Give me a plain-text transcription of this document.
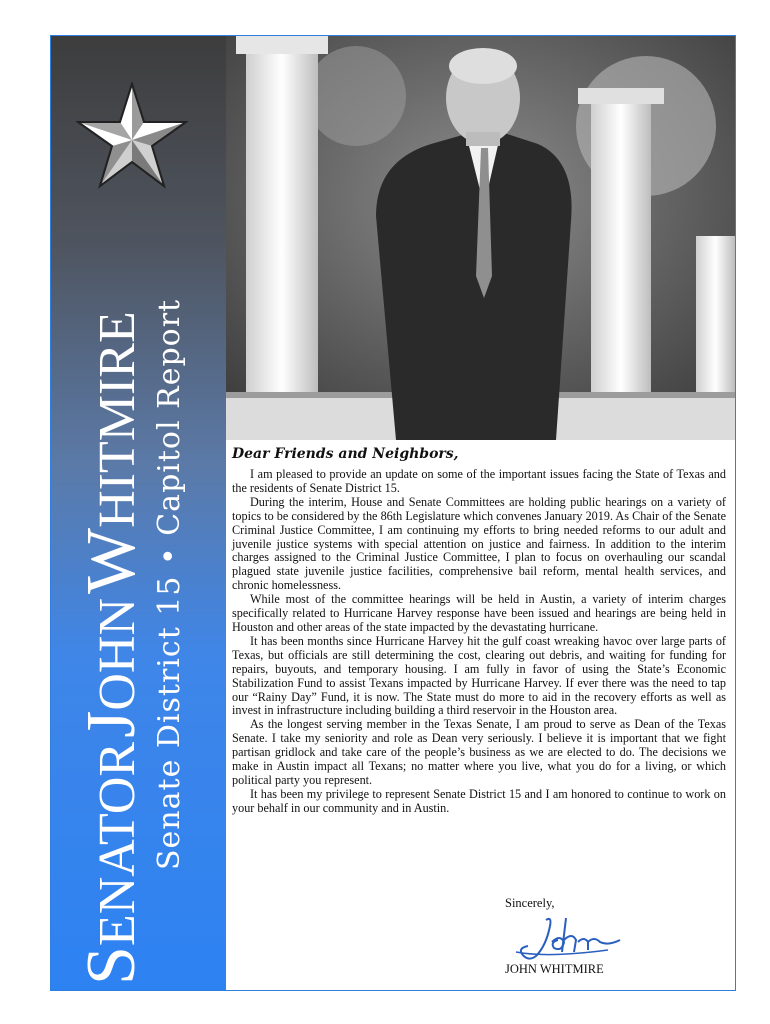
SENATOR JOHN WHITMIRE Senate District 15 • Capitol Report	Dear Friends and Neighbors,

I am pleased to provide an update on some of the important issues facing the State of Texas and the residents of Senate District 15.

During the interim, House and Senate Committees are holding public hearings on a variety of topics to be considered by the 86th Legislature which convenes January 2019. As Chair of the Senate Criminal Justice Committee, I am continuing my efforts to bring needed reforms to our adult and juvenile justice systems with special attention on justice and fairness. In addition to the interim charges assigned to the Criminal Justice Committee, I plan to focus on overhauling our scandal plagued state juvenile justice facilities, comprehensive bail reform, mental health services, and chronic homelessness.

While most of the committee hearings will be held in Austin, a variety of interim charges specifically related to Hurricane Harvey response have been issued and hearings are being held in Houston and other areas of the state impacted by the devastating hurricane.

It has been months since Hurricane Harvey hit the gulf coast wreaking havoc over large parts of Texas, but officials are still determining the cost, clearing out debris, and waiting for funding for repairs, buyouts, and temporary housing. I am fully in favor of using the State’s Economic Stabilization Fund to assist Texans impacted by Hurricane Harvey. If ever there was the need to tap our “Rainy Day” Fund, it is now. The State must do more to aid in the recovery efforts as well as invest in infrastructure including building a third reservoir in the Houston area.

As the longest serving member in the Texas Senate, I am proud to serve as Dean of the Texas Senate. I take my seniority and role as Dean very seriously. I believe it is important that we fight partisan gridlock and take care of the people’s business as we are elected to do. The decisions we make in Austin impact all Texans; no matter where you live, what you do for a living, or which political party you represent.

It has been my privilege to represent Senate District 15 and I am honored to continue to work on your behalf in our community and in Austin.

Sincerely,
JOHN WHITMIRE
